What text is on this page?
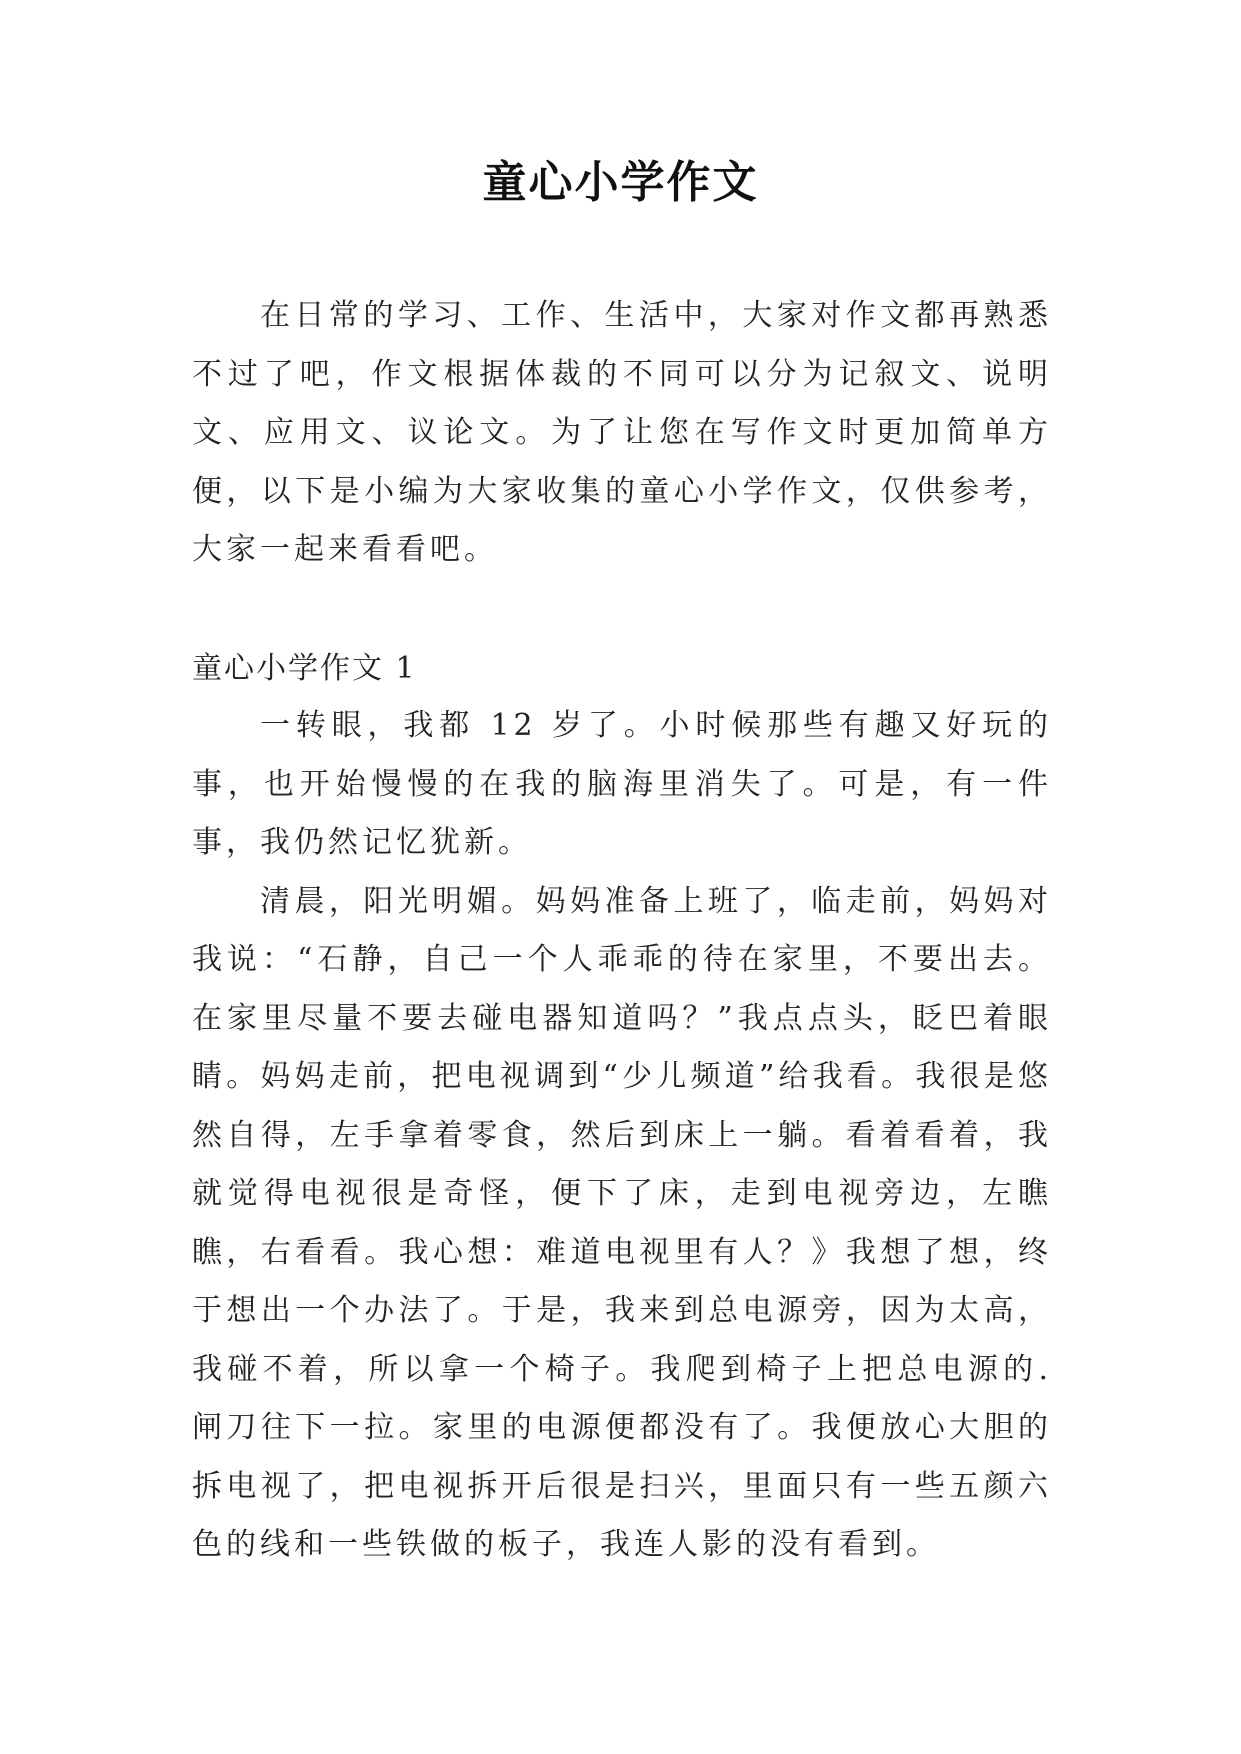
童心小学作文

在日常的学习、工作、生活中，大家对作文都再熟悉不过了吧，作文根据体裁的不同可以分为记叙文、说明文、应用文、议论文。为了让您在写作文时更加简单方便，以下是小编为大家收集的童心小学作文，仅供参考，大家一起来看看吧。

童心小学作文 1

一转眼，我都 12 岁了。小时候那些有趣又好玩的事，也开始慢慢的在我的脑海里消失了。可是，有一件事，我仍然记忆犹新。

清晨，阳光明媚。妈妈准备上班了，临走前，妈妈对我说：“石静，自己一个人乖乖的待在家里，不要出去。在家里尽量不要去碰电器知道吗？”我点点头，眨巴着眼睛。妈妈走前，把电视调到“少儿频道”给我看。我很是悠然自得，左手拿着零食，然后到床上一躺。看着看着，我就觉得电视很是奇怪，便下了床，走到电视旁边，左瞧瞧，右看看。我心想：难道电视里有人？》我想了想，终于想出一个办法了。于是，我来到总电源旁，因为太高，我碰不着，所以拿一个椅子。我爬到椅子上把总电源的.闸刀往下一拉。家里的电源便都没有了。我便放心大胆的拆电视了，把电视拆开后很是扫兴，里面只有一些五颜六色的线和一些铁做的板子，我连人影的没有看到。
